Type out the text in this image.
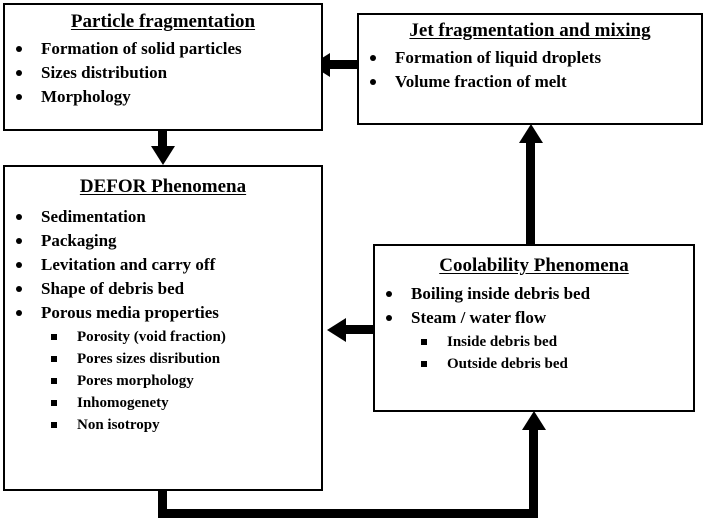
Particle fragmentation
Formation of solid particles
Sizes distribution
Morphology
Jet fragmentation and mixing
Formation of liquid droplets
Volume fraction of melt
DEFOR Phenomena
Sedimentation
Packaging
Levitation and carry off
Shape of debris bed
Porous media properties
Porosity (void fraction)
Pores sizes disribution
Pores morphology
Inhomogenety
Non isotropy
Coolability Phenomena
Boiling inside debris bed
Steam / water flow
Inside debris bed
Outside debris bed
